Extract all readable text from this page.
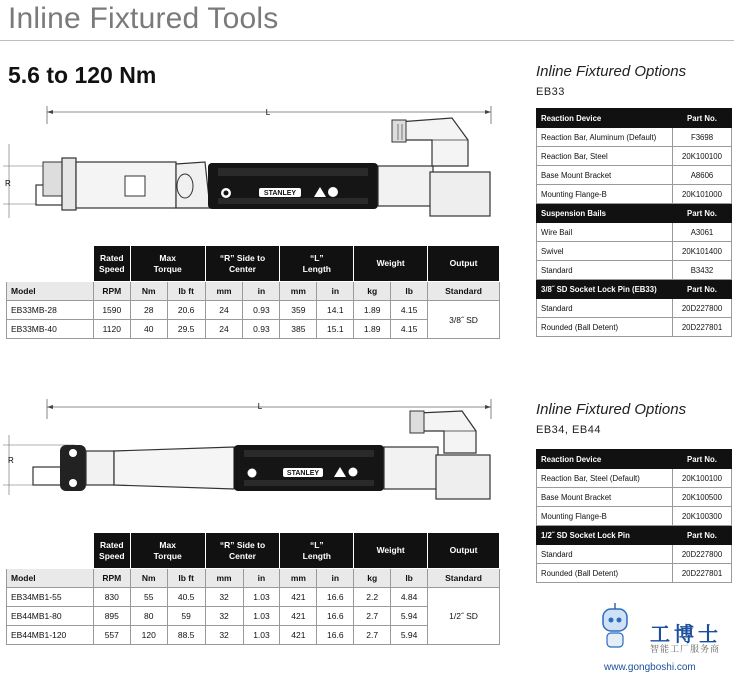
Inline Fixtured Tools
5.6 to 120 Nm
L
R
STANLEY
	Rated
Speed	Max
Torque		“R” Side to
Center		“L”
Length		Weight		Output
Model	RPM	Nm	lb ft	mm	in	mm	in	kg	lb	Standard
EB33MB-28	1590	28	20.6	24	0.93	359	14.1	1.89	4.15	3/8˝ SD
EB33MB-40	1120	40	29.5	24	0.93	385	15.1	1.89	4.15	
L
R
STANLEY
	Rated
Speed	Max
Torque		“R” Side to
Center		“L”
Length		Weight		Output
Model	RPM	Nm	lb ft	mm	in	mm	in	kg	lb	Standard
EB34MB1-55	830	55	40.5	32	1.03	421	16.6	2.2	4.84	1/2˝ SD
EB44MB1-80	895	80	59	32	1.03	421	16.6	2.7	5.94	
EB44MB1-120	557	120	88.5	32	1.03	421	16.6	2.7	5.94	
Inline Fixtured Options
EB33
Reaction Device	Part No.
Reaction Bar, Aluminum (Default)	F3698
Reaction Bar, Steel	20K100100
Base Mount Bracket	A8606
Mounting Flange-B	20K101000
Suspension Bails	Part No.
Wire Bail	A3061
Swivel	20K101400
Standard	B3432
3/8˝ SD Socket Lock Pin (EB33)	Part No.
Standard	20D227800
Rounded (Ball Detent)	20D227801
Inline Fixtured Options
EB34, EB44
Reaction Device	Part No.
Reaction Bar, Steel (Default)	20K100100
Base Mount Bracket	20K100500
Mounting Flange-B	20K100300
1/2˝ SD Socket Lock Pin	Part No.
Standard	20D227800
Rounded (Ball Detent)	20D227801
工博士
智能工厂服务商
www.gongboshi.com
